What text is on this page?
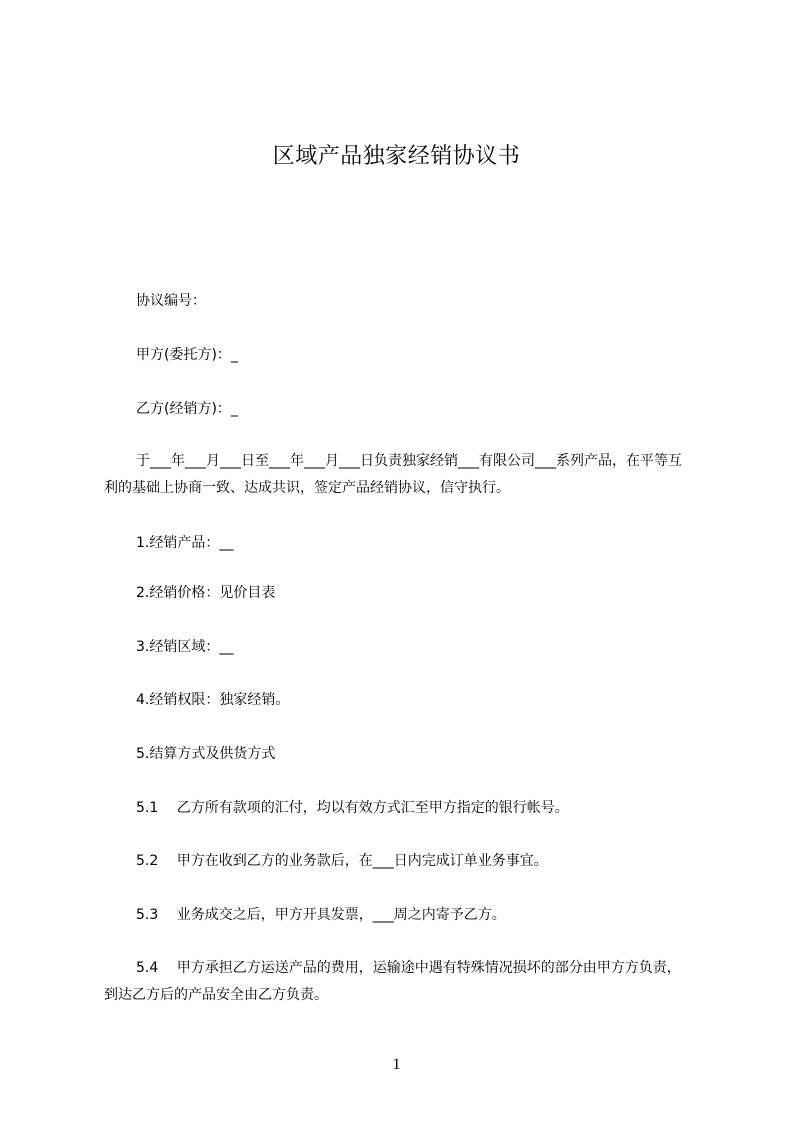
区域产品独家经销协议书
协议编号：
甲方(委托方)：_
乙方(经销方)：_

于___年___月___日至___年___月___日负责独家经销___有限公司___系列产品，在平等互利的基础上协商一致、达成共识，签定产品经销协议，信守执行。

1.经销产品：__
2.经销价格：见价目表
3.经销区域：__
4.经销权限：独家经销。
5.结算方式及供货方式
5.1　 乙方所有款项的汇付，均以有效方式汇至甲方指定的银行帐号。
5.2　 甲方在收到乙方的业务款后，在___日内完成订单业务事宜。
5.3　 业务成交之后，甲方开具发票，___周之内寄予乙方。

5.4　 甲方承担乙方运送产品的费用，运输途中遇有特殊情况损坏的部分由甲方方负责，到达乙方后的产品安全由乙方负责。

1
